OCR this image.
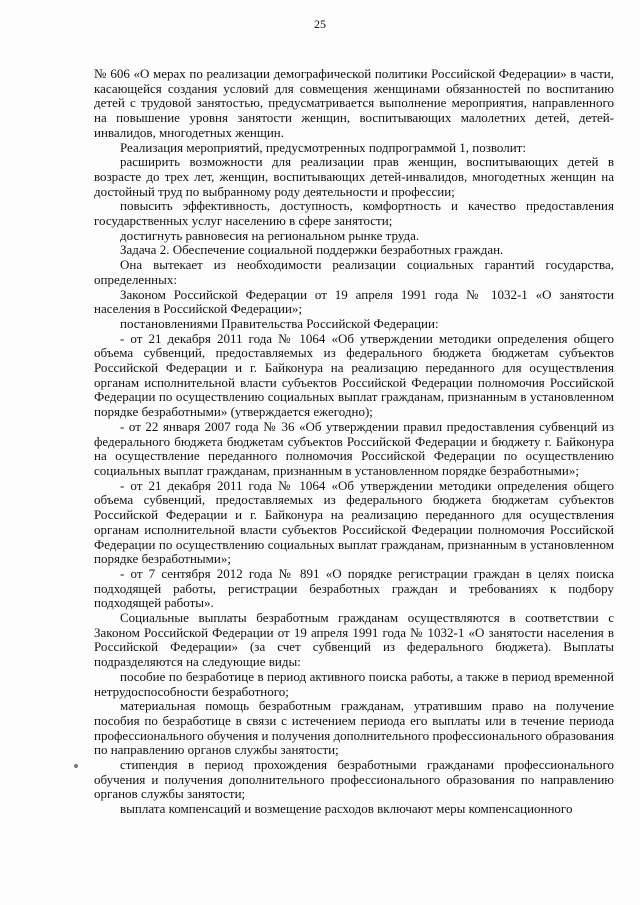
25

№ 606 «О мерах по реализации демографической политики Российской Федерации» в части, касающейся создания условий для совмещения женщинами обязанностей по воспитанию детей с трудовой занятостью, предусматривается выполнение мероприятия, направленного на повышение уровня занятости женщин, воспитывающих малолетних детей, детей-инвалидов, многодетных женщин.

Реализация мероприятий, предусмотренных подпрограммой 1, позволит:

расширить возможности для реализации прав женщин, воспитывающих детей в возрасте до трех лет, женщин, воспитывающих детей-инвалидов, многодетных женщин на достойный труд по выбранному роду деятельности и профессии;

повысить эффективность, доступность, комфортность и качество предоставления государственных услуг населению в сфере занятости;

достигнуть равновесия на региональном рынке труда.

Задача 2. Обеспечение социальной поддержки безработных граждан.

Она вытекает из необходимости реализации социальных гарантий государства, определенных:

Законом Российской Федерации от 19 апреля 1991 года № 1032-1 «О занятости населения в Российской Федерации»;

постановлениями Правительства Российской Федерации:

- от 21 декабря 2011 года № 1064 «Об утверждении методики определения общего объема субвенций, предоставляемых из федерального бюджета бюджетам субъектов Российской Федерации и г. Байконура на реализацию переданного для осуществления органам исполнительной власти субъектов Российской Федерации полномочия Российской Федерации по осуществлению социальных выплат гражданам, признанным в установленном порядке безработными» (утверждается ежегодно);

- от 22 января 2007 года № 36 «Об утверждении правил предоставления субвенций из федерального бюджета бюджетам субъектов Российской Федерации и бюджету г. Байконура на осуществление переданного полномочия Российской Федерации по осуществлению социальных выплат гражданам, признанным в установленном порядке безработными»;

- от 21 декабря 2011 года № 1064 «Об утверждении методики определения общего объема субвенций, предоставляемых из федерального бюджета бюджетам субъектов Российской Федерации и г. Байконура на реализацию переданного для осуществления органам исполнительной власти субъектов Российской Федерации полномочия Российской Федерации по осуществлению социальных выплат гражданам, признанным в установленном порядке безработными»;

- от 7 сентября 2012 года № 891 «О порядке регистрации граждан в целях поиска подходящей работы, регистрации безработных граждан и требованиях к подбору подходящей работы».

Социальные выплаты безработным гражданам осуществляются в соответствии с Законом Российской Федерации от 19 апреля 1991 года № 1032-1 «О занятости населения в Российской Федерации» (за счет субвенций из федерального бюджета). Выплаты подразделяются на следующие виды:

пособие по безработице в период активного поиска работы, а также в период временной нетрудоспособности безработного;

материальная помощь безработным гражданам, утратившим право на получение пособия по безработице в связи с истечением периода его выплаты или в течение периода профессионального обучения и получения дополнительного профессионального образования по направлению органов службы занятости;

стипендия в период прохождения безработными гражданами профессионального обучения и получения дополнительного профессионального образования по направлению органов службы занятости;

выплата компенсаций и возмещение расходов включают меры компенсационного
